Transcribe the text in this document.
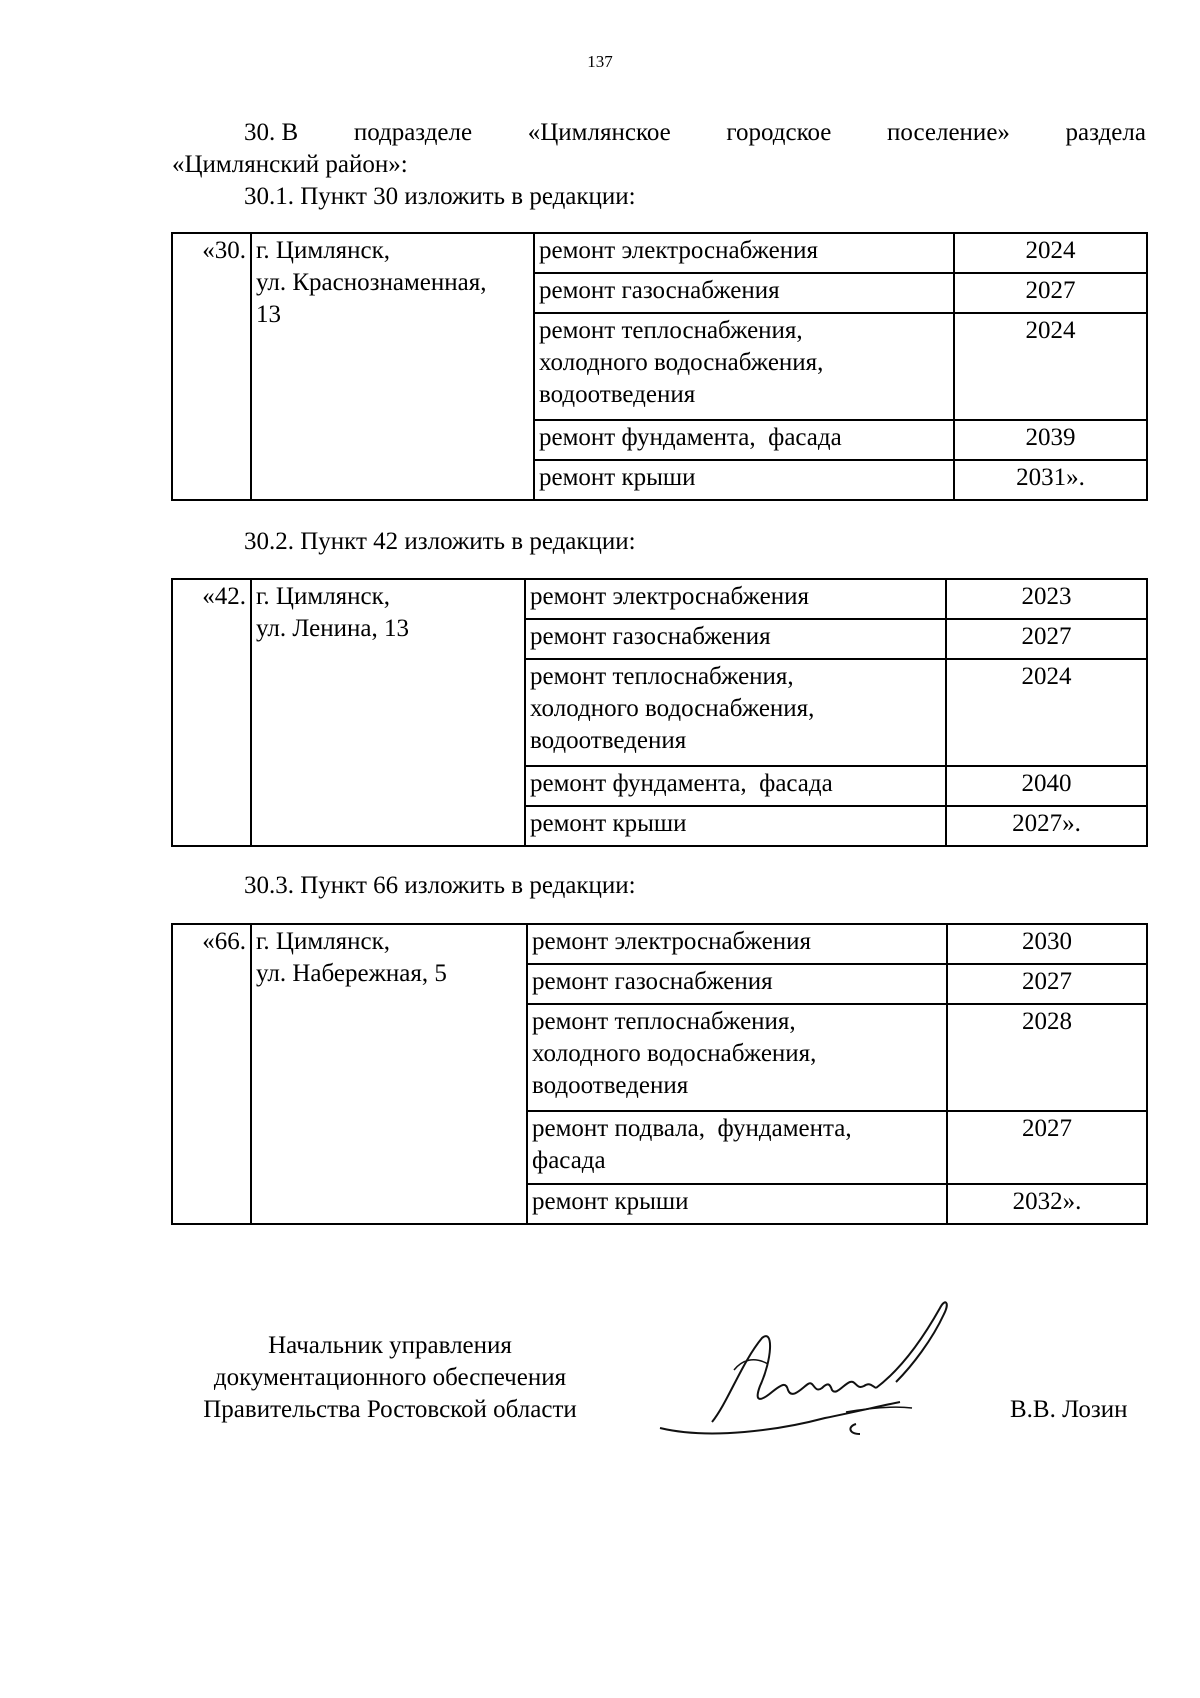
137
30. В подразделе «Цимлянское городское поселение» раздела
«Цимлянский район»:
30.1. Пункт 30 изложить в редакции:
«30.	г. Цимлянск,
ул. Краснознаменная,
13	ремонт электроснабжения	2024

		ремонт газоснабжения	2027

		ремонт теплоснабжения,
холодного водоснабжения,
водоотведения	2024

		ремонт фундамента,  фасада	2039

		ремонт крыши	2031».
30.2. Пункт 42 изложить в редакции:
«42.	г. Цимлянск,
ул. Ленина, 13	ремонт электроснабжения	2023

		ремонт газоснабжения	2027

		ремонт теплоснабжения,
холодного водоснабжения,
водоотведения	2024

		ремонт фундамента,  фасада	2040

		ремонт крыши	2027».
30.3. Пункт 66 изложить в редакции:
«66.	г. Цимлянск,
ул. Набережная, 5	ремонт электроснабжения	2030

		ремонт газоснабжения	2027

		ремонт теплоснабжения,
холодного водоснабжения,
водоотведения	2028

		ремонт подвала,  фундамента,
фасада	2027

		ремонт крыши	2032».
Начальник управления
документационного обеспечения
Правительства Ростовской области	В.В. Лозин
